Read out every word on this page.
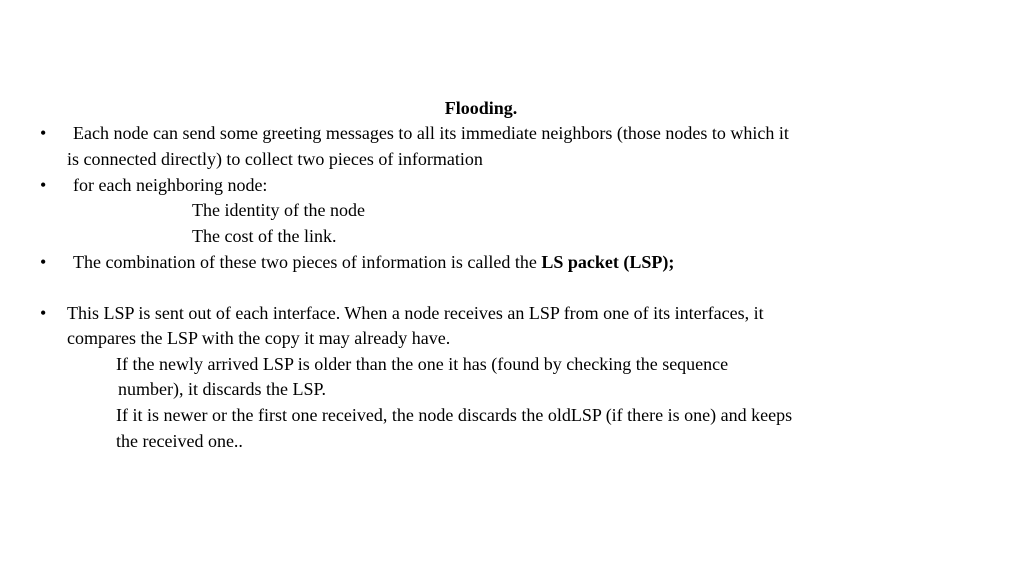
Flooding.
• Each node can send some greeting messages to all its immediate neighbors (those nodes to which it
is connected directly) to collect two pieces of information
• for each neighboring node:
The identity of the node
The cost of the link.
• The combination of these two pieces of information is called the LS packet (LSP);
• This LSP is sent out of each interface. When a node receives an LSP from one of its interfaces, it
compares the LSP with the copy it may already have.
If the newly arrived LSP is older than the one it has (found by checking the sequence
number), it discards the LSP.
If it is newer or the first one received, the node discards the oldLSP (if there is one) and keeps
the received one..
